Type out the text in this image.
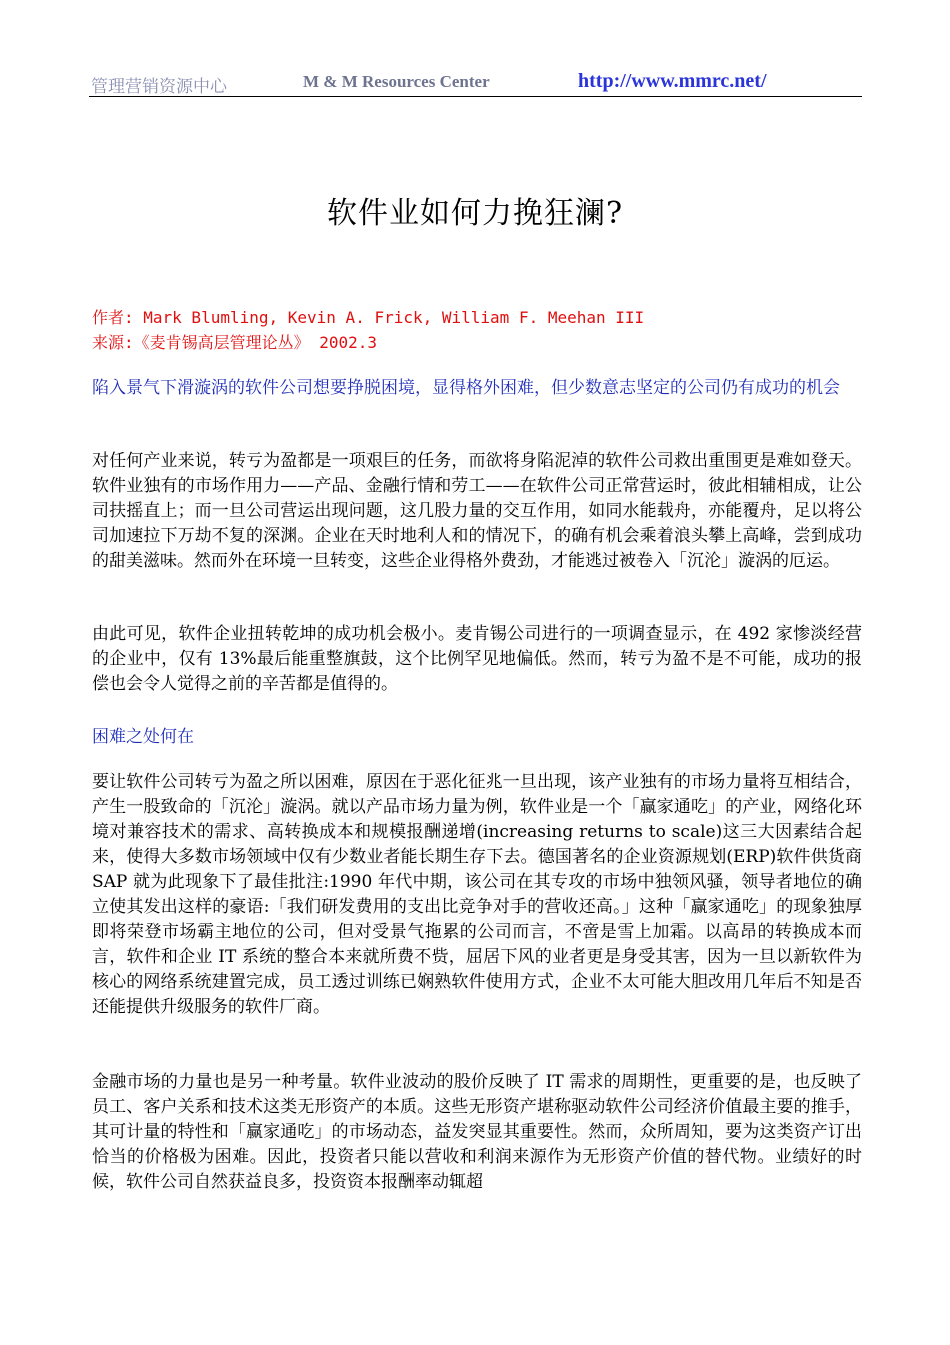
管理营销资源中心	M & M Resources Center	http://www.mmrc.net/
软件业如何力挽狂澜?
作者: Mark Blumling, Kevin A. Frick, William F. Meehan III
来源:《麦肯锡高层管理论丛》 2002.3
陷入景气下滑漩涡的软件公司想要挣脱困境，显得格外困难，但少数意志坚定的公司仍有成功的机会
对任何产业来说，转亏为盈都是一项艰巨的任务，而欲将身陷泥淖的软件公司救出重围更是难如登天。软件业独有的市场作用力——产品、金融行情和劳工——在软件公司正常营运时，彼此相辅相成，让公司扶摇直上；而一旦公司营运出现问题，这几股力量的交互作用，如同水能载舟，亦能覆舟，足以将公司加速拉下万劫不复的深渊。企业在天时地利人和的情况下，的确有机会乘着浪头攀上高峰，尝到成功的甜美滋味。然而外在环境一旦转变，这些企业得格外费劲，才能逃过被卷入「沉沦」漩涡的厄运。
由此可见，软件企业扭转乾坤的成功机会极小。麦肯锡公司进行的一项调查显示，在 492 家惨淡经营的企业中，仅有 13%最后能重整旗鼓，这个比例罕见地偏低。然而，转亏为盈不是不可能，成功的报偿也会令人觉得之前的辛苦都是值得的。
困难之处何在
要让软件公司转亏为盈之所以困难，原因在于恶化征兆一旦出现，该产业独有的市场力量将互相结合，产生一股致命的「沉沦」漩涡。就以产品市场力量为例，软件业是一个「赢家通吃」的产业，网络化环境对兼容技术的需求、高转换成本和规模报酬递增(increasing returns to scale)这三大因素结合起来，使得大多数市场领域中仅有少数业者能长期生存下去。德国著名的企业资源规划(ERP)软件供货商 SAP 就为此现象下了最佳批注:1990 年代中期，该公司在其专攻的市场中独领风骚，领导者地位的确立使其发出这样的豪语:「我们研发费用的支出比竞争对手的营收还高。」这种「赢家通吃」的现象独厚即将荣登市场霸主地位的公司，但对受景气拖累的公司而言，不啻是雪上加霜。以高昂的转换成本而言，软件和企业 IT 系统的整合本来就所费不赀，屈居下风的业者更是身受其害，因为一旦以新软件为核心的网络系统建置完成，员工透过训练已娴熟软件使用方式，企业不太可能大胆改用几年后不知是否还能提供升级服务的软件厂商。
金融市场的力量也是另一种考量。软件业波动的股价反映了 IT 需求的周期性，更重要的是，也反映了员工、客户关系和技术这类无形资产的本质。这些无形资产堪称驱动软件公司经济价值最主要的推手，其可计量的特性和「赢家通吃」的市场动态，益发突显其重要性。然而，众所周知，要为这类资产订出恰当的价格极为困难。因此，投资者只能以营收和利润来源作为无形资产价值的替代物。业绩好的时候，软件公司自然获益良多，投资资本报酬率动辄超
